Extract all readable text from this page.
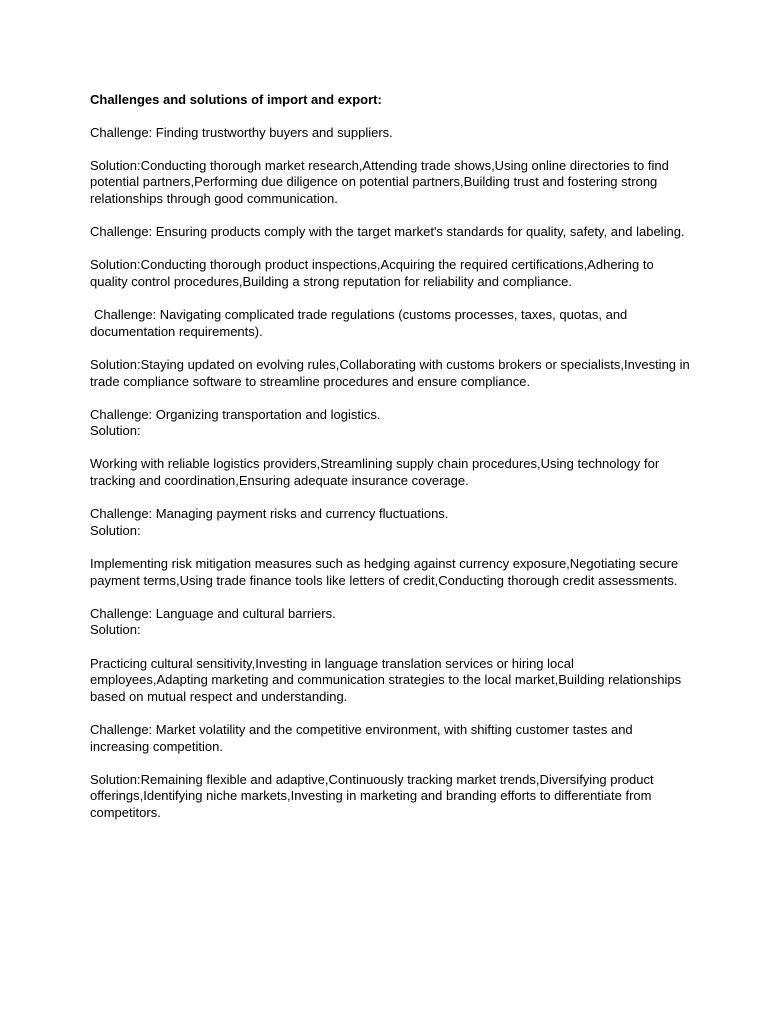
Challenges and solutions of import and export:

Challenge: Finding trustworthy buyers and suppliers.

Solution:Conducting thorough market research,Attending trade shows,Using online directories to find potential partners,Performing due diligence on potential partners,Building trust and fostering strong relationships through good communication.

Challenge: Ensuring products comply with the target market's standards for quality, safety, and labeling.

Solution:Conducting thorough product inspections,Acquiring the required certifications,Adhering to quality control procedures,Building a strong reputation for reliability and compliance.

Challenge: Navigating complicated trade regulations (customs processes, taxes, quotas, and documentation requirements).

Solution:Staying updated on evolving rules,Collaborating with customs brokers or specialists,Investing in trade compliance software to streamline procedures and ensure compliance.

Challenge: Organizing transportation and logistics.

Solution:

Working with reliable logistics providers,Streamlining supply chain procedures,Using technology for tracking and coordination,Ensuring adequate insurance coverage.

Challenge: Managing payment risks and currency fluctuations.

Solution:

Implementing risk mitigation measures such as hedging against currency exposure,Negotiating secure payment terms,Using trade finance tools like letters of credit,Conducting thorough credit assessments.

Challenge: Language and cultural barriers.

Solution:

Practicing cultural sensitivity,Investing in language translation services or hiring local employees,Adapting marketing and communication strategies to the local market,Building relationships based on mutual respect and understanding.

Challenge: Market volatility and the competitive environment, with shifting customer tastes and increasing competition.

Solution:Remaining flexible and adaptive,Continuously tracking market trends,Diversifying product offerings,Identifying niche markets,Investing in marketing and branding efforts to differentiate from competitors.
